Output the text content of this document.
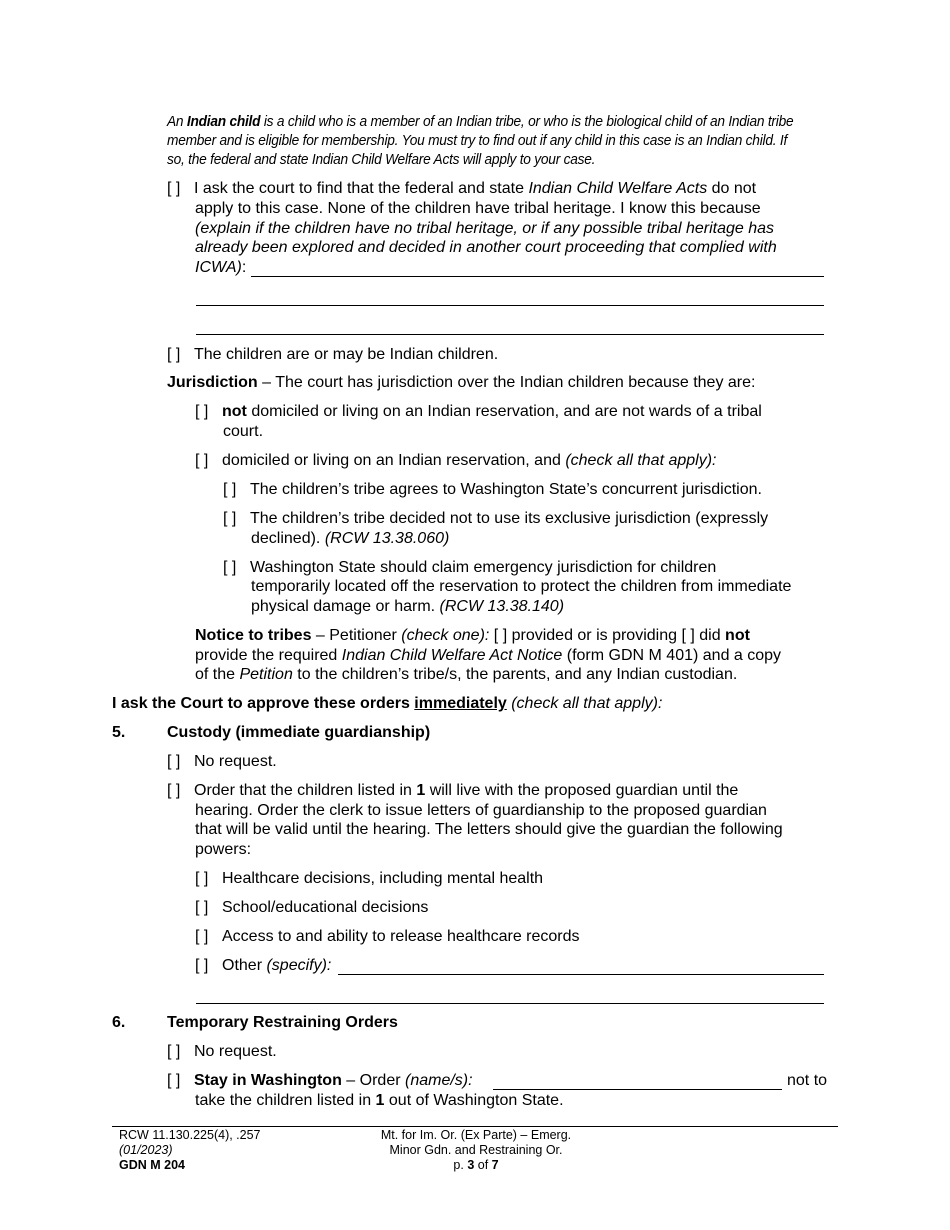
An Indian child is a child who is a member of an Indian tribe, or who is the biological child of an Indian tribe
member and is eligible for membership. You must try to find out if any child in this case is an Indian child. If
so, the federal and state Indian Child Welfare Acts will apply to your case.
[ ] I ask the court to find that the federal and state Indian Child Welfare Acts do not
apply to this case. None of the children have tribal heritage. I know this because
(explain if the children have no tribal heritage, or if any possible tribal heritage has
already been explored and decided in another court proceeding that complied with
ICWA):
[ ] The children are or may be Indian children.
Jurisdiction – The court has jurisdiction over the Indian children because they are:
[ ] not domiciled or living on an Indian reservation, and are not wards of a tribal
court.
[ ] domiciled or living on an Indian reservation, and (check all that apply):
[ ] The children’s tribe agrees to Washington State’s concurrent jurisdiction.
[ ] The children’s tribe decided not to use its exclusive jurisdiction (expressly
declined). (RCW 13.38.060)
[ ] Washington State should claim emergency jurisdiction for children
temporarily located off the reservation to protect the children from immediate
physical damage or harm. (RCW 13.38.140)
Notice to tribes – Petitioner (check one): [ ] provided or is providing [ ] did not
provide the required Indian Child Welfare Act Notice (form GDN M 401) and a copy
of the Petition to the children’s tribe/s, the parents, and any Indian custodian.
I ask the Court to approve these orders immediately (check all that apply):
5.	Custody (immediate guardianship)
[ ] No request.
[ ] Order that the children listed in 1 will live with the proposed guardian until the
hearing. Order the clerk to issue letters of guardianship to the proposed guardian
that will be valid until the hearing. The letters should give the guardian the following
powers:
[ ] Healthcare decisions, including mental health
[ ] School/educational decisions
[ ] Access to and ability to release healthcare records
[ ] Other (specify):
6.	Temporary Restraining Orders
[ ] No request.
[ ] Stay in Washington – Order (name/s):	not to
take the children listed in 1 out of Washington State.
RCW 11.130.225(4), .257
(01/2023)
GDN M 204
Mt. for Im. Or. (Ex Parte) – Emerg.
Minor Gdn. and Restraining Or.
p. 3 of 7
